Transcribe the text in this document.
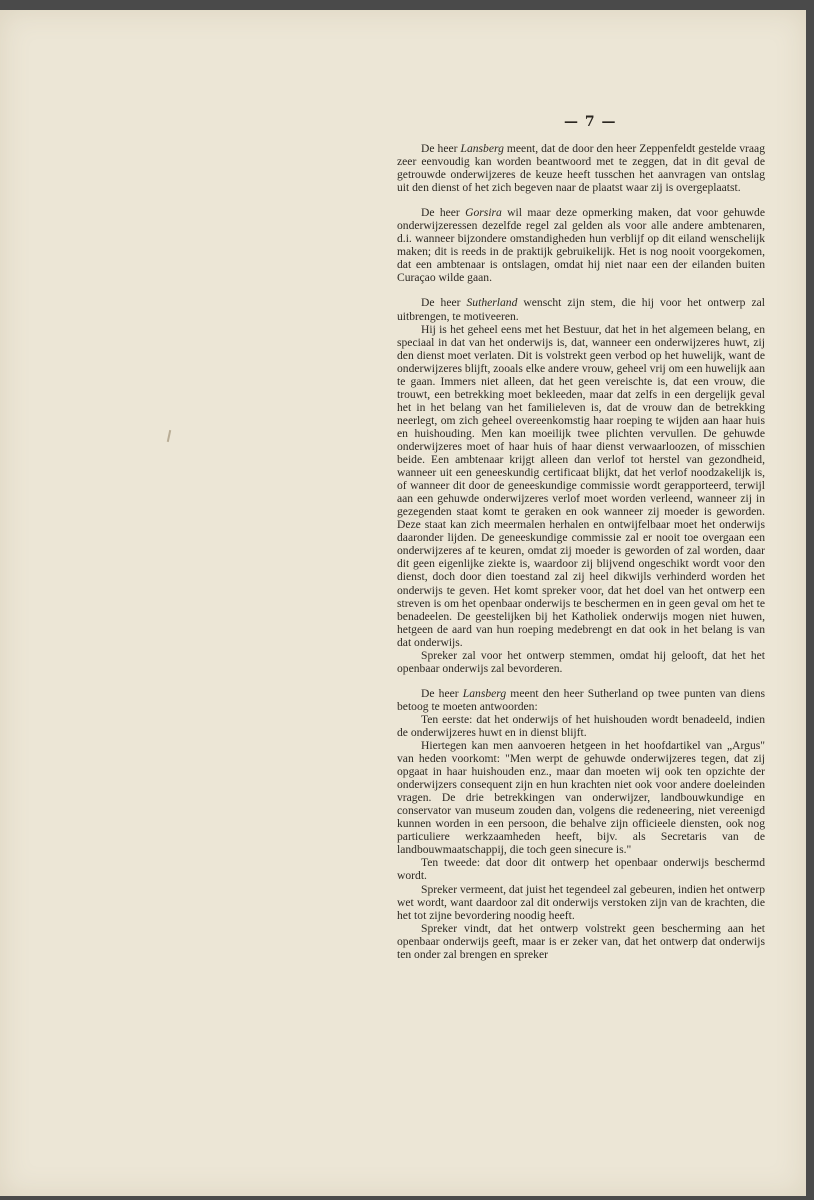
— 7 —

De heer Lansberg meent, dat de door den heer Zeppenfeldt gestelde vraag zeer eenvoudig kan worden beantwoord met te zeggen, dat in dit geval de getrouwde onderwijzeres de keuze heeft tusschen het aanvragen van ontslag uit den dienst of het zich begeven naar de plaatst waar zij is overgeplaatst.

De heer Gorsira wil maar deze opmerking maken, dat voor gehuwde onderwijzeressen dezelfde regel zal gelden als voor alle andere ambtenaren, d.i. wanneer bijzondere omstandigheden hun verblijf op dit eiland wenschelijk maken; dit is reeds in de praktijk gebruikelijk. Het is nog nooit voorgekomen, dat een ambtenaar is ontslagen, omdat hij niet naar een der eilanden buiten Curaçao wilde gaan.

De heer Sutherland wenscht zijn stem, die hij voor het ontwerp zal uitbrengen, te motiveeren.

Hij is het geheel eens met het Bestuur, dat het in het algemeen belang, en speciaal in dat van het onderwijs is, dat, wanneer een onderwijzeres huwt, zij den dienst moet verlaten. Dit is volstrekt geen verbod op het huwelijk, want de onderwijzeres blijft, zooals elke andere vrouw, geheel vrij om een huwelijk aan te gaan. Immers niet alleen, dat het geen vereischte is, dat een vrouw, die trouwt, een betrekking moet bekleeden, maar dat zelfs in een dergelijk geval het in het belang van het familieleven is, dat de vrouw dan de betrekking neerlegt, om zich geheel overeenkomstig haar roeping te wijden aan haar huis en huishouding. Men kan moeilijk twee plichten vervullen. De gehuwde onderwijzeres moet of haar huis of haar dienst verwaarloozen, of misschien beide. Een ambtenaar krijgt alleen dan verlof tot herstel van gezondheid, wanneer uit een geneeskundig certificaat blijkt, dat het verlof noodzakelijk is, of wanneer dit door de geneeskundige commissie wordt gerapporteerd, terwijl aan een gehuwde onderwijzeres verlof moet worden verleend, wanneer zij in gezegenden staat komt te geraken en ook wanneer zij moeder is geworden. Deze staat kan zich meermalen herhalen en ontwijfelbaar moet het onderwijs daaronder lijden. De geneeskundige commissie zal er nooit toe overgaan een onderwijzeres af te keuren, omdat zij moeder is geworden of zal worden, daar dit geen eigenlijke ziekte is, waardoor zij blijvend ongeschikt wordt voor den dienst, doch door dien toestand zal zij heel dikwijls verhinderd worden het onderwijs te geven. Het komt spreker voor, dat het doel van het ontwerp een streven is om het openbaar onderwijs te beschermen en in geen geval om het te benadeelen. De geestelijken bij het Katholiek onderwijs mogen niet huwen, hetgeen de aard van hun roeping medebrengt en dat ook in het belang is van dat onderwijs.

Spreker zal voor het ontwerp stemmen, omdat hij gelooft, dat het het openbaar onderwijs zal bevorderen.

De heer Lansberg meent den heer Sutherland op twee punten van diens betoog te moeten antwoorden:

Ten eerste: dat het onderwijs of het huishouden wordt benadeeld, indien de onderwijzeres huwt en in dienst blijft.

Hiertegen kan men aanvoeren hetgeen in het hoofdartikel van „Argus" van heden voorkomt: "Men werpt de gehuwde onderwijzeres tegen, dat zij opgaat in haar huishouden enz., maar dan moeten wij ook ten opzichte der onderwijzers consequent zijn en hun krachten niet ook voor andere doeleinden vragen. De drie betrekkingen van onderwijzer, landbouwkundige en conservator van museum zouden dan, volgens die redeneering, niet vereenigd kunnen worden in een persoon, die behalve zijn officieele diensten, ook nog particuliere werkzaamheden heeft, bijv. als Secretaris van de landbouwmaatschappij, die toch geen sinecure is."

Ten tweede: dat door dit ontwerp het openbaar onderwijs beschermd wordt.

Spreker vermeent, dat juist het tegendeel zal gebeuren, indien het ontwerp wet wordt, want daardoor zal dit onderwijs verstoken zijn van de krachten, die het tot zijne bevordering noodig heeft.

Spreker vindt, dat het ontwerp volstrekt geen bescherming aan het openbaar onderwijs geeft, maar is er zeker van, dat het ontwerp dat onderwijs ten onder zal brengen en spreker
